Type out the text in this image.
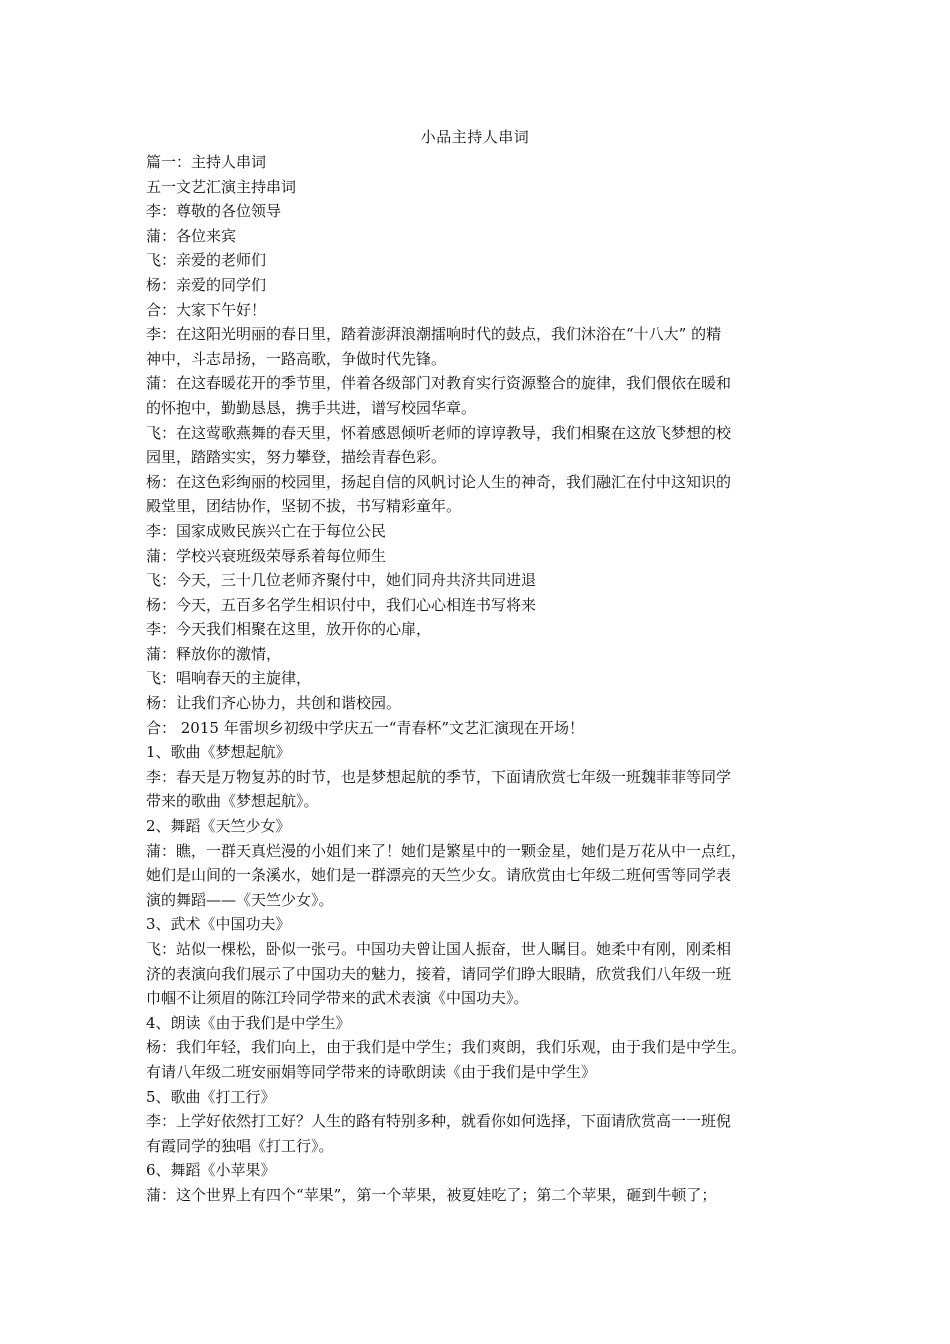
小品主持人串词

篇一：主持人串词

五一文艺汇演主持串词

李：尊敬的各位领导

蒲：各位来宾

飞：亲爱的老师们

杨：亲爱的同学们

合：大家下午好！

李：在这阳光明丽的春日里，踏着澎湃浪潮擂响时代的鼓点，我们沐浴在“十八大” 的精

神中，斗志昂扬，一路高歌，争做时代先锋。

蒲：在这春暖花开的季节里，伴着各级部门对教育实行资源整合的旋律，我们偎依在暖和

的怀抱中，勤勤恳恳，携手共进，谱写校园华章。

飞：在这莺歌燕舞的春天里，怀着感恩倾听老师的谆谆教导，我们相聚在这放飞梦想的校

园里，踏踏实实，努力攀登，描绘青春色彩。

杨：在这色彩绚丽的校园里，扬起自信的风帆讨论人生的神奇，我们融汇在付中这知识的

殿堂里，团结协作，坚韧不拔，书写精彩童年。

李：国家成败民族兴亡在于每位公民

蒲：学校兴衰班级荣辱系着每位师生

飞：今天，三十几位老师齐聚付中，她们同舟共济共同进退

杨：今天，五百多名学生相识付中，我们心心相连书写将来

李：今天我们相聚在这里，放开你的心扉，

蒲：释放你的激情，

飞：唱响春天的主旋律，

杨：让我们齐心协力，共创和谐校园。

合： 2015 年雷坝乡初级中学庆五一“青春杯”文艺汇演现在开场！

1、歌曲《梦想起航》

李：春天是万物复苏的时节，也是梦想起航的季节，下面请欣赏七年级一班魏菲菲等同学

带来的歌曲《梦想起航》。

2、舞蹈《天竺少女》

蒲：瞧，一群天真烂漫的小姐们来了！她们是繁星中的一颗金星，她们是万花从中一点红，

她们是山间的一条溪水，她们是一群漂亮的天竺少女。请欣赏由七年级二班何雪等同学表

演的舞蹈——《天竺少女》。

3、武术《中国功夫》

飞：站似一棵松，卧似一张弓。中国功夫曾让国人振奋，世人瞩目。她柔中有刚，刚柔相

济的表演向我们展示了中国功夫的魅力，接着，请同学们睁大眼睛，欣赏我们八年级一班

巾帼不让须眉的陈江玲同学带来的武术表演《中国功夫》。

4、朗读《由于我们是中学生》

杨：我们年轻，我们向上，由于我们是中学生；我们爽朗，我们乐观，由于我们是中学生。

有请八年级二班安丽娟等同学带来的诗歌朗读《由于我们是中学生》

5、歌曲《打工行》

李：上学好依然打工好？人生的路有特别多种，就看你如何选择，下面请欣赏高一一班倪

有霞同学的独唱《打工行》。

6、舞蹈《小苹果》

蒲：这个世界上有四个“苹果”，第一个苹果，被夏娃吃了；第二个苹果，砸到牛顿了；
